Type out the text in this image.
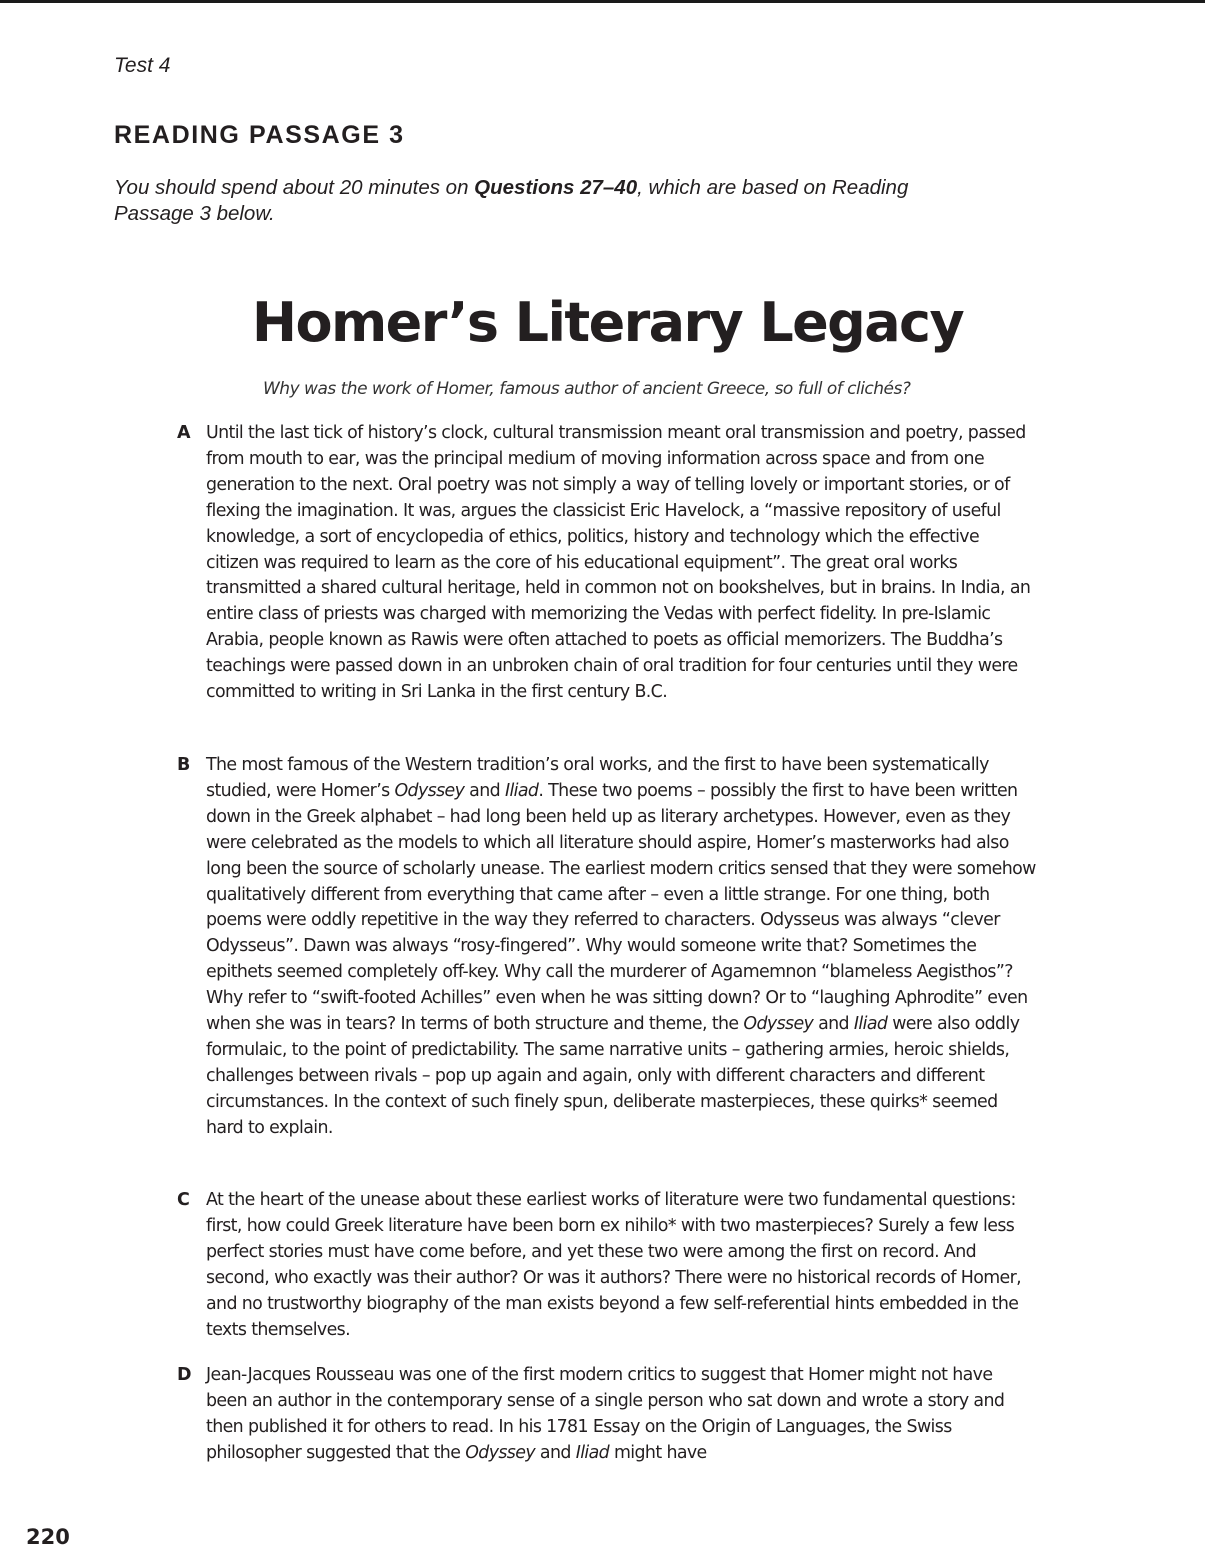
Test 4
READING PASSAGE 3
You should spend about 20 minutes on Questions 27–40, which are based on Reading Passage 3 below.
Homer’s Literary Legacy
Why was the work of Homer, famous author of ancient Greece, so full of clichés?
A Until the last tick of history’s clock, cultural transmission meant oral transmission and poetry, passed from mouth to ear, was the principal medium of moving information across space and from one generation to the next. Oral poetry was not simply a way of telling lovely or important stories, or of flexing the imagination. It was, argues the classicist Eric Havelock, a “massive repository of useful knowledge, a sort of encyclopedia of ethics, politics, history and technology which the effective citizen was required to learn as the core of his educational equipment”. The great oral works transmitted a shared cultural heritage, held in common not on bookshelves, but in brains. In India, an entire class of priests was charged with memorizing the Vedas with perfect fidelity. In pre-Islamic Arabia, people known as Rawis were often attached to poets as official memorizers. The Buddha’s teachings were passed down in an unbroken chain of oral tradition for four centuries until they were committed to writing in Sri Lanka in the first century B.C.
B The most famous of the Western tradition’s oral works, and the first to have been systematically studied, were Homer’s Odyssey and Iliad. These two poems – possibly the first to have been written down in the Greek alphabet – had long been held up as literary archetypes. However, even as they were celebrated as the models to which all literature should aspire, Homer’s masterworks had also long been the source of scholarly unease. The earliest modern critics sensed that they were somehow qualitatively different from everything that came after – even a little strange. For one thing, both poems were oddly repetitive in the way they referred to characters. Odysseus was always “clever Odysseus”. Dawn was always “rosy-fingered”. Why would someone write that? Sometimes the epithets seemed completely off-key. Why call the murderer of Agamemnon “blameless Aegisthos”? Why refer to “swift-footed Achilles” even when he was sitting down? Or to “laughing Aphrodite” even when she was in tears? In terms of both structure and theme, the Odyssey and Iliad were also oddly formulaic, to the point of predictability. The same narrative units – gathering armies, heroic shields, challenges between rivals – pop up again and again, only with different characters and different circumstances. In the context of such finely spun, deliberate masterpieces, these quirks* seemed hard to explain.
C At the heart of the unease about these earliest works of literature were two fundamental questions: first, how could Greek literature have been born ex nihilo* with two masterpieces? Surely a few less perfect stories must have come before, and yet these two were among the first on record. And second, who exactly was their author? Or was it authors? There were no historical records of Homer, and no trustworthy biography of the man exists beyond a few self-referential hints embedded in the texts themselves.
D Jean-Jacques Rousseau was one of the first modern critics to suggest that Homer might not have been an author in the contemporary sense of a single person who sat down and wrote a story and then published it for others to read. In his 1781 Essay on the Origin of Languages, the Swiss philosopher suggested that the Odyssey and Iliad might have
220
